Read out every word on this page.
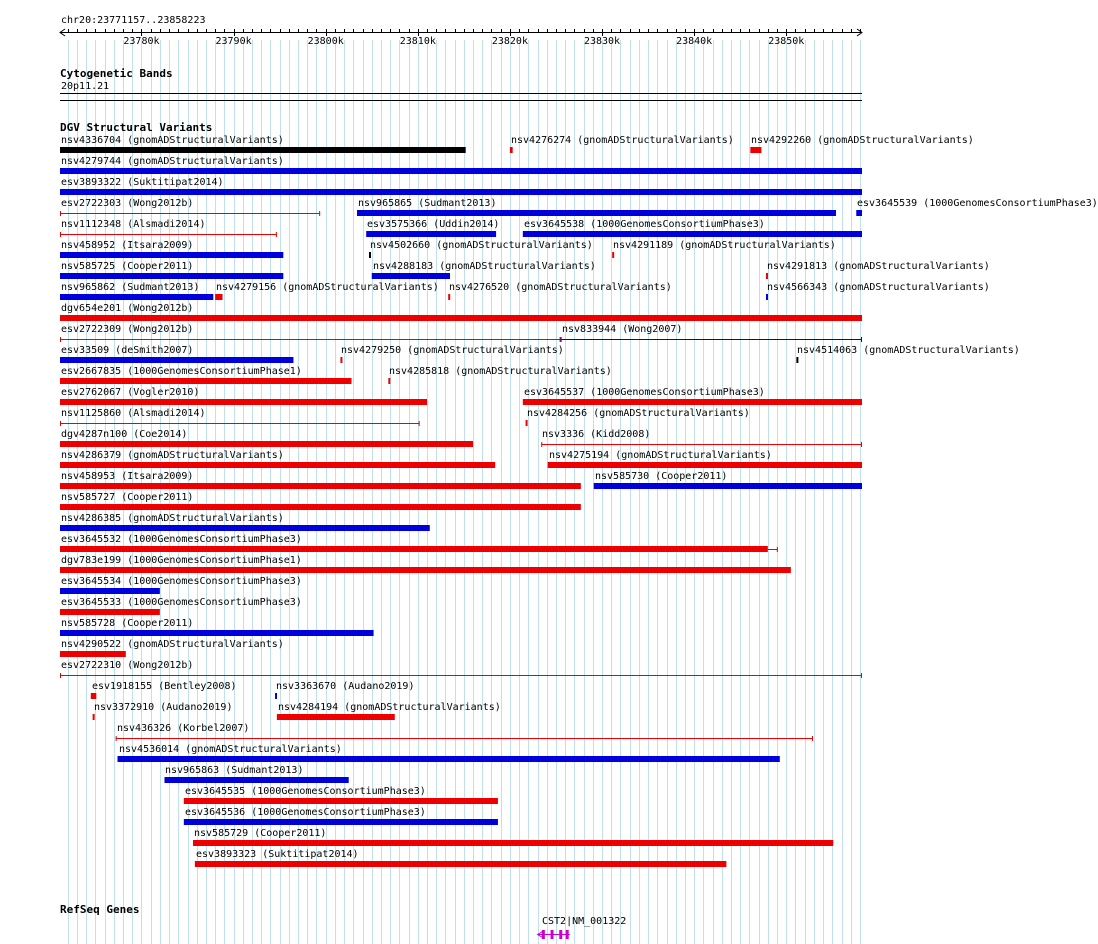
23780k	23790k	23800k	23810k	23820k	23830k	23840k	23850k
chr20:23771157..23858223
Cytogenetic Bands
20p11.21
DGV Structural Variants
nsv4336704 (gnomADStructuralVariants)	nsv4276274 (gnomADStructuralVariants) nsv4292260 (gnomADStructuralVariants)
nsv4279744 (gnomADStructuralVariants)
esv3893322 (Suktitipat2014)
esv2722303 (Wong2012b)	nsv965865 (Sudmant2013)	esv3645539 (1000GenomesConsortiumPhase3)
nsv1112348 (Alsmadi2014)	esv3575366 (Uddin2014) esv3645538 (1000GenomesConsortiumPhase3)
nsv458952 (Itsara2009)	nsv4502660 (gnomADStructuralVariants) nsv4291189 (gnomADStructuralVariants)
nsv585725 (Cooper2011)	nsv4288183 (gnomADStructuralVariants)	nsv4291813 (gnomADStructuralVariants)
nsv965862 (Sudmant2013) nsv4279156 (gnomADStructuralVariants) nsv4276520 (gnomADStructuralVariants)	nsv4566343 (gnomADStructuralVariants)
dgv654e201 (Wong2012b)
esv2722309 (Wong2012b)	nsv833944 (Wong2007)
esv33509 (deSmith2007)	nsv4279250 (gnomADStructuralVariants)	nsv4514063 (gnomADStructuralVariants)
esv2667835 (1000GenomesConsortiumPhase1)	nsv4285818 (gnomADStructuralVariants)
esv2762067 (Vogler2010)	esv3645537 (1000GenomesConsortiumPhase3)
nsv1125860 (Alsmadi2014)	nsv4284256 (gnomADStructuralVariants)
dgv4287n100 (Coe2014)	nsv3336 (Kidd2008)
nsv4286379 (gnomADStructuralVariants)	nsv4275194 (gnomADStructuralVariants)
nsv458953 (Itsara2009)	nsv585730 (Cooper2011)
nsv585727 (Cooper2011)
nsv4286385 (gnomADStructuralVariants)
esv3645532 (1000GenomesConsortiumPhase3)
dgv783e199 (1000GenomesConsortiumPhase1)
esv3645534 (1000GenomesConsortiumPhase3)
esv3645533 (1000GenomesConsortiumPhase3)
nsv585728 (Cooper2011)
nsv4290522 (gnomADStructuralVariants)
esv2722310 (Wong2012b)
esv1918155 (Bentley2008)	nsv3363670 (Audano2019)
nsv3372910 (Audano2019)	nsv4284194 (gnomADStructuralVariants)
nsv436326 (Korbel2007)
nsv4536014 (gnomADStructuralVariants)
nsv965863 (Sudmant2013)
esv3645535 (1000GenomesConsortiumPhase3)
esv3645536 (1000GenomesConsortiumPhase3)
nsv585729 (Cooper2011)
esv3893323 (Suktitipat2014)
RefSeq Genes
CST2|NM_001322
